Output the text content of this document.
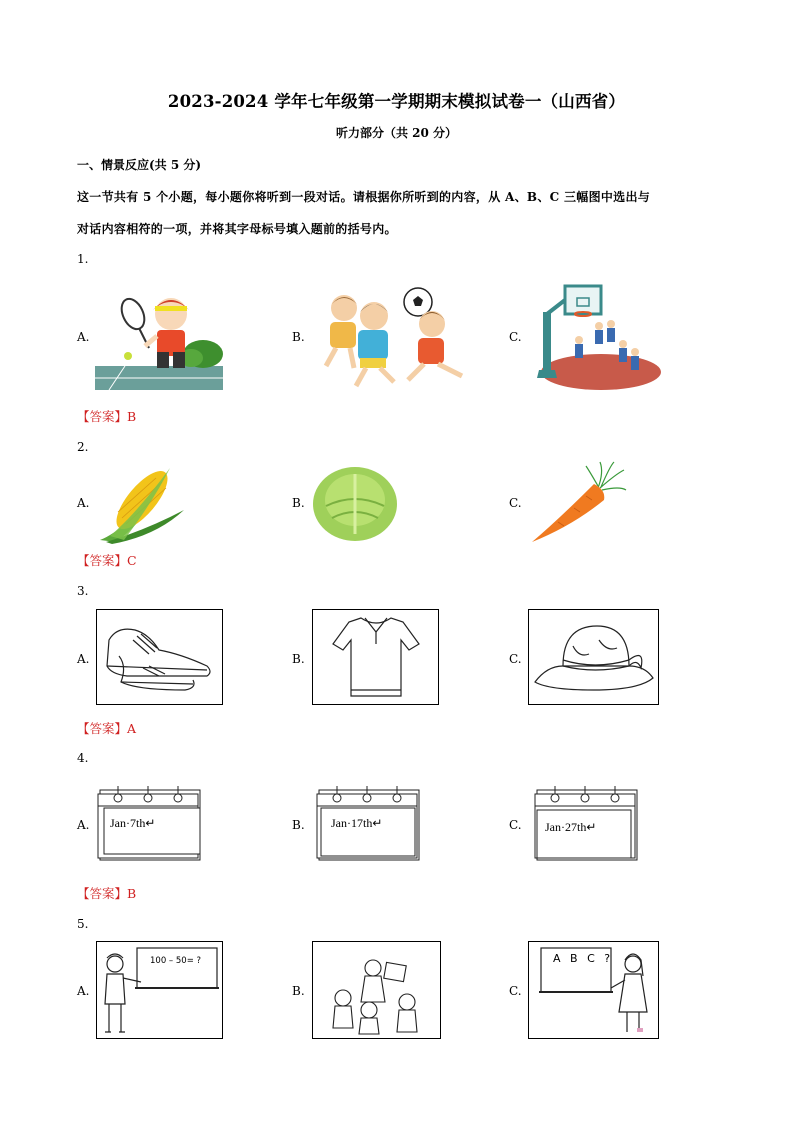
2023-2024 学年七年级第一学期期末模拟试卷一（山西省）
听力部分（共 20 分）
一、情景反应(共 5 分)
这一节共有 5 个小题，每小题你将听到一段对话。请根据你所听到的内容，从 A、B、C 三幅图中选出与
对话内容相符的一项，并将其字母标号填入题前的括号内。
1.
A.	B.	C.
【答案】B
2.
A.	B.	C.
【答案】C
3.
A.	B.	C.
【答案】A
4.
A.	B.	C.
Jan·7th↵	Jan·17th↵	Jan·27th↵
【答案】B
5.
A.	B.	C.
100 – 50= ?	A B C ?
